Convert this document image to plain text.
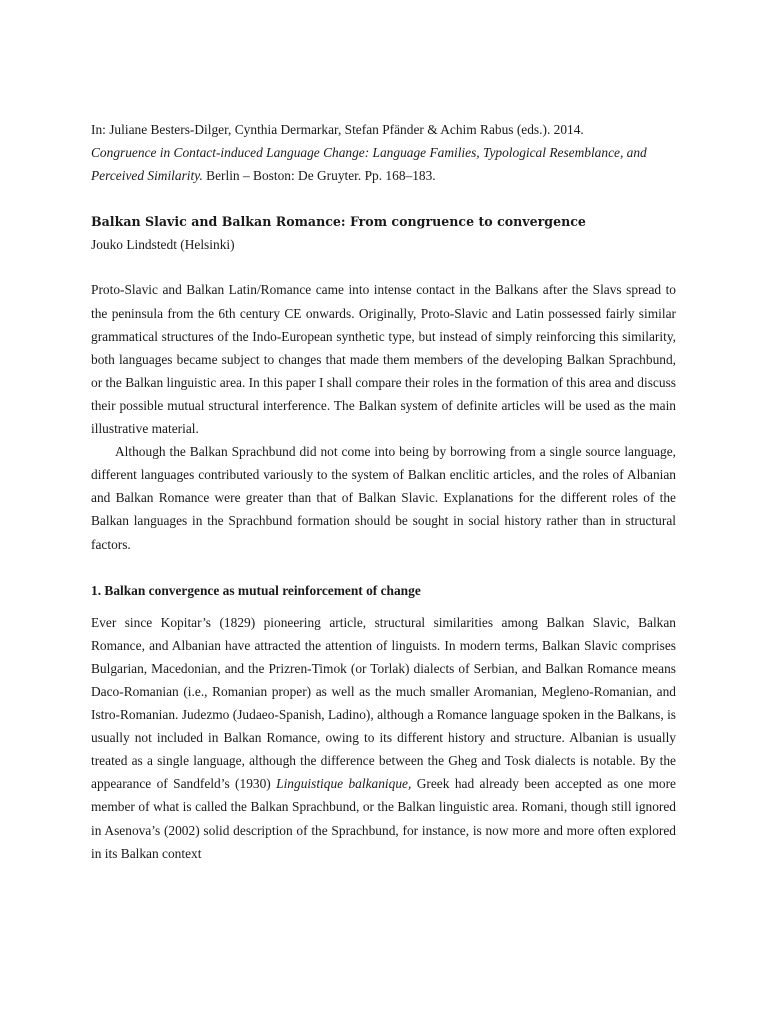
In: Juliane Besters-Dilger, Cynthia Dermarkar, Stefan Pfänder & Achim Rabus (eds.). 2014.

Congruence in Contact-induced Language Change: Language Families, Typological Resemblance, and Perceived Similarity. Berlin – Boston: De Gruyter. Pp. 168–183.

Balkan Slavic and Balkan Romance: From congruence to convergence
Jouko Lindstedt (Helsinki)

Proto-Slavic and Balkan Latin/Romance came into intense contact in the Balkans after the Slavs spread to the peninsula from the 6th century CE onwards. Originally, Proto-Slavic and Latin possessed fairly similar grammatical structures of the Indo-European synthetic type, but instead of simply reinforcing this similarity, both languages became subject to changes that made them members of the developing Balkan Sprachbund, or the Balkan linguistic area. In this paper I shall compare their roles in the formation of this area and discuss their possible mutual structural interference. The Balkan system of definite articles will be used as the main illustrative material.

Although the Balkan Sprachbund did not come into being by borrowing from a single source language, different languages contributed variously to the system of Balkan enclitic articles, and the roles of Albanian and Balkan Romance were greater than that of Balkan Slavic. Explanations for the different roles of the Balkan languages in the Sprachbund formation should be sought in social history rather than in structural factors.

1. Balkan convergence as mutual reinforcement of change

Ever since Kopitar’s (1829) pioneering article, structural similarities among Balkan Slavic, Balkan Romance, and Albanian have attracted the attention of linguists. In modern terms, Balkan Slavic comprises Bulgarian, Macedonian, and the Prizren-Timok (or Torlak) dialects of Serbian, and Balkan Romance means Daco-Romanian (i.e., Romanian proper) as well as the much smaller Aromanian, Megleno-Romanian, and Istro-Romanian. Judezmo (Judaeo-Spanish, Ladino), although a Romance language spoken in the Balkans, is usually not included in Balkan Romance, owing to its different history and structure. Albanian is usually treated as a single language, although the difference between the Gheg and Tosk dialects is notable. By the appearance of Sandfeld’s (1930) Linguistique balkanique, Greek had already been accepted as one more member of what is called the Balkan Sprachbund, or the Balkan linguistic area. Romani, though still ignored in Asenova’s (2002) solid description of the Sprachbund, for instance, is now more and more often explored in its Balkan context
